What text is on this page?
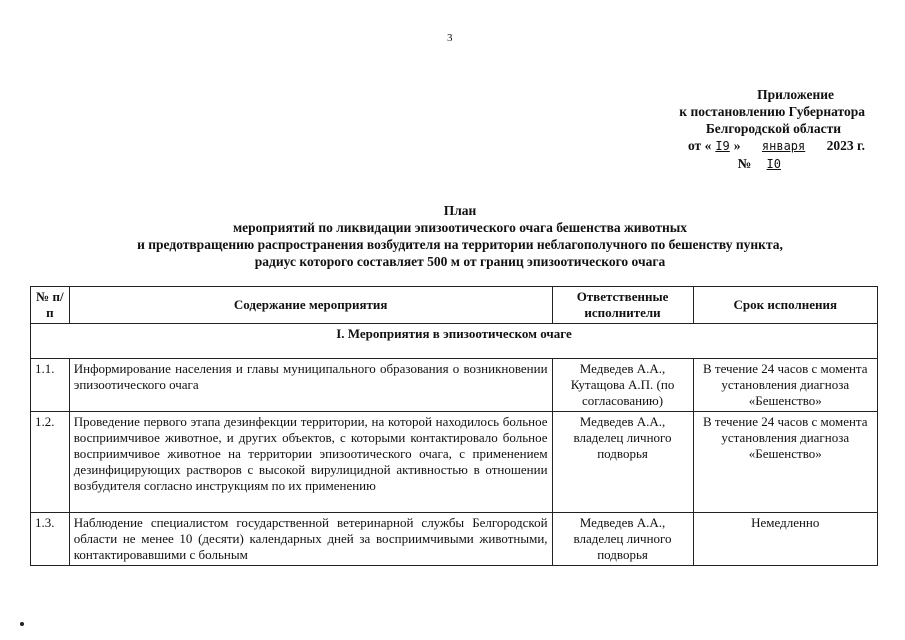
3
Приложение
к постановлению Губернатора
Белгородской области
от « I9 » января 2023 г.
№ I0
План
мероприятий по ликвидации эпизоотического очага бешенства животных
и предотвращению распространения возбудителя на территории неблагополучного по бешенству пункта,
радиус которого составляет 500 м от границ эпизоотического очага
№ п/п	Содержание мероприятия	Ответственные исполнители	Срок исполнения
I. Мероприятия в эпизоотическом очаге			
1.1.	Информирование населения и главы муниципального образования о возникновении эпизоотического очага	Медведев А.А., Кутащова А.П. (по согласованию)	В течение 24 часов с момента установления диагноза «Бешенство»
1.2.	Проведение первого этапа дезинфекции территории, на которой находилось больное восприимчивое животное, и других объектов, с которыми контактировало больное восприимчивое животное на территории эпизоотического очага, с применением дезинфицирующих растворов с высокой вирулицидной активностью в отношении возбудителя согласно инструкциям по их применению	Медведев А.А., владелец личного подворья	В течение 24 часов с момента установления диагноза «Бешенство»
1.3.	Наблюдение специалистом государственной ветеринарной службы Белгородской области не менее 10 (десяти) календарных дней за восприимчивыми животными, контактировавшими с больным	Медведев А.А., владелец личного подворья	Немедленно
